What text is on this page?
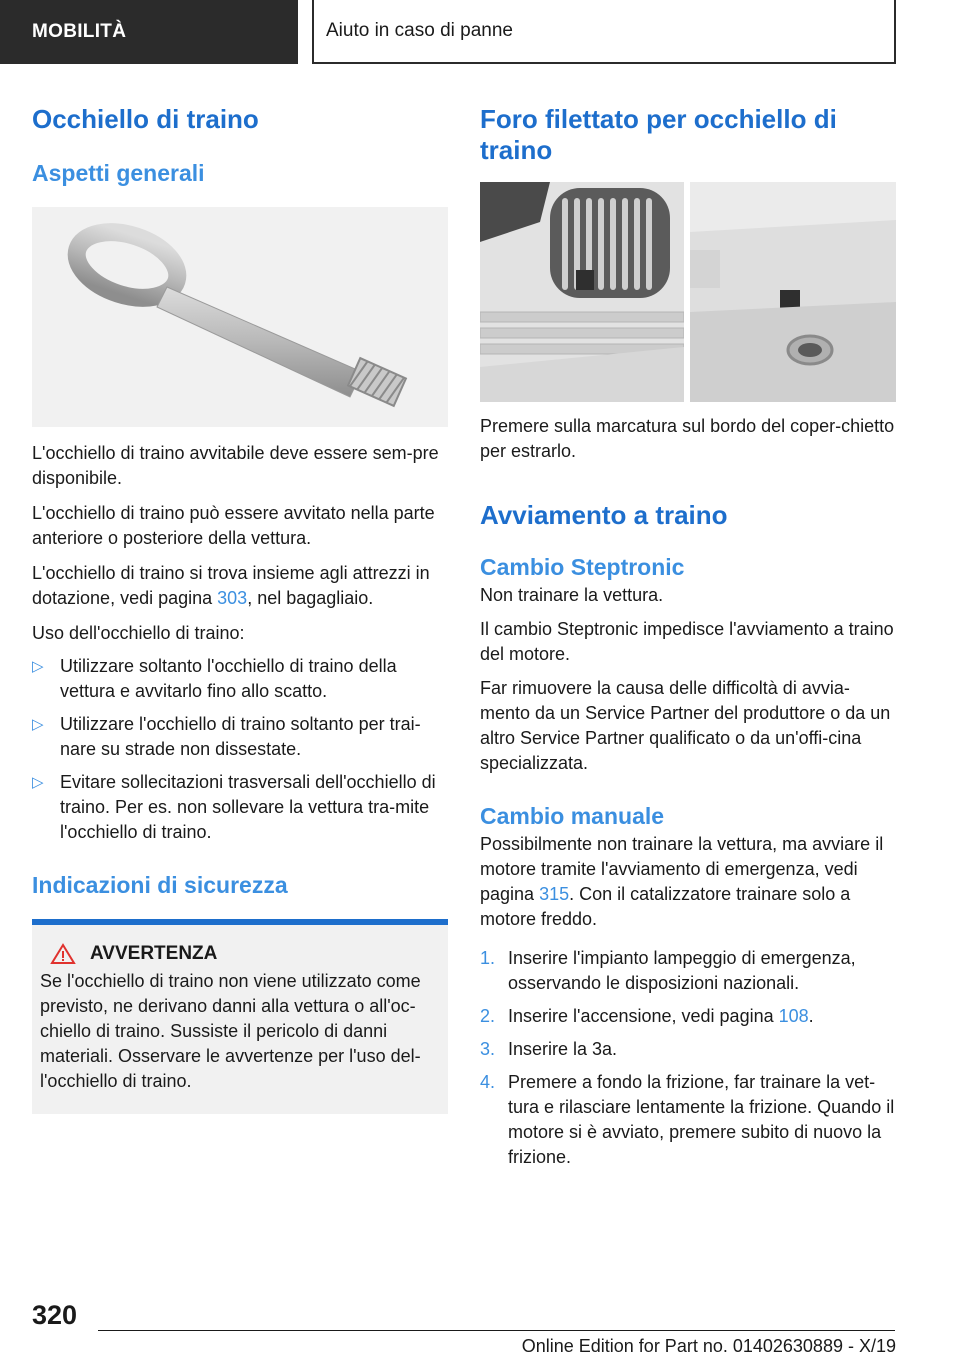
MOBILITÀ	Aiuto in caso di panne
Occhiello di traino
Aspetti generali

L'occhiello di traino avvitabile deve essere sem-pre disponibile.

L'occhiello di traino può essere avvitato nella parte anteriore o posteriore della vettura.

L'occhiello di traino si trova insieme agli attrezzi in dotazione, vedi pagina 303, nel bagagliaio.

Uso dell'occhiello di traino:

▷ Utilizzare soltanto l'occhiello di traino della vettura e avvitarlo fino allo scatto.
▷ Utilizzare l'occhiello di traino soltanto per trai-nare su strade non dissestate.
▷ Evitare sollecitazioni trasversali dell'occhiello di traino. Per es. non sollevare la vettura tra-mite l'occhiello di traino.
Indicazioni di sicurezza
AVVERTENZA

Se l'occhiello di traino non viene utilizzato come previsto, ne derivano danni alla vettura o all'oc-chiello di traino. Sussiste il pericolo di danni materiali. Osservare le avvertenze per l'uso del-l'occhiello di traino.

Foro filettato per occhiello di traino

Premere sulla marcatura sul bordo del coper-chietto per estrarlo.

Avviamento a traino
Cambio Steptronic

Non trainare la vettura.

Il cambio Steptronic impedisce l'avviamento a traino del motore.

Far rimuovere la causa delle difficoltà di avvia-mento da un Service Partner del produttore o da un altro Service Partner qualificato o da un'offi-cina specializzata.

Cambio manuale

Possibilmente non trainare la vettura, ma avviare il motore tramite l'avviamento di emergenza, vedi pagina 315. Con il catalizzatore trainare solo a motore freddo.

1. Inserire l'impianto lampeggio di emergenza, osservando le disposizioni nazionali.
2. Inserire l'accensione, vedi pagina 108.
3. Inserire la 3a.
4. Premere a fondo la frizione, far trainare la vet-tura e rilasciare lentamente la frizione. Quando il motore si è avviato, premere subito di nuovo la frizione.
320
Online Edition for Part no. 01402630889 - X/19
